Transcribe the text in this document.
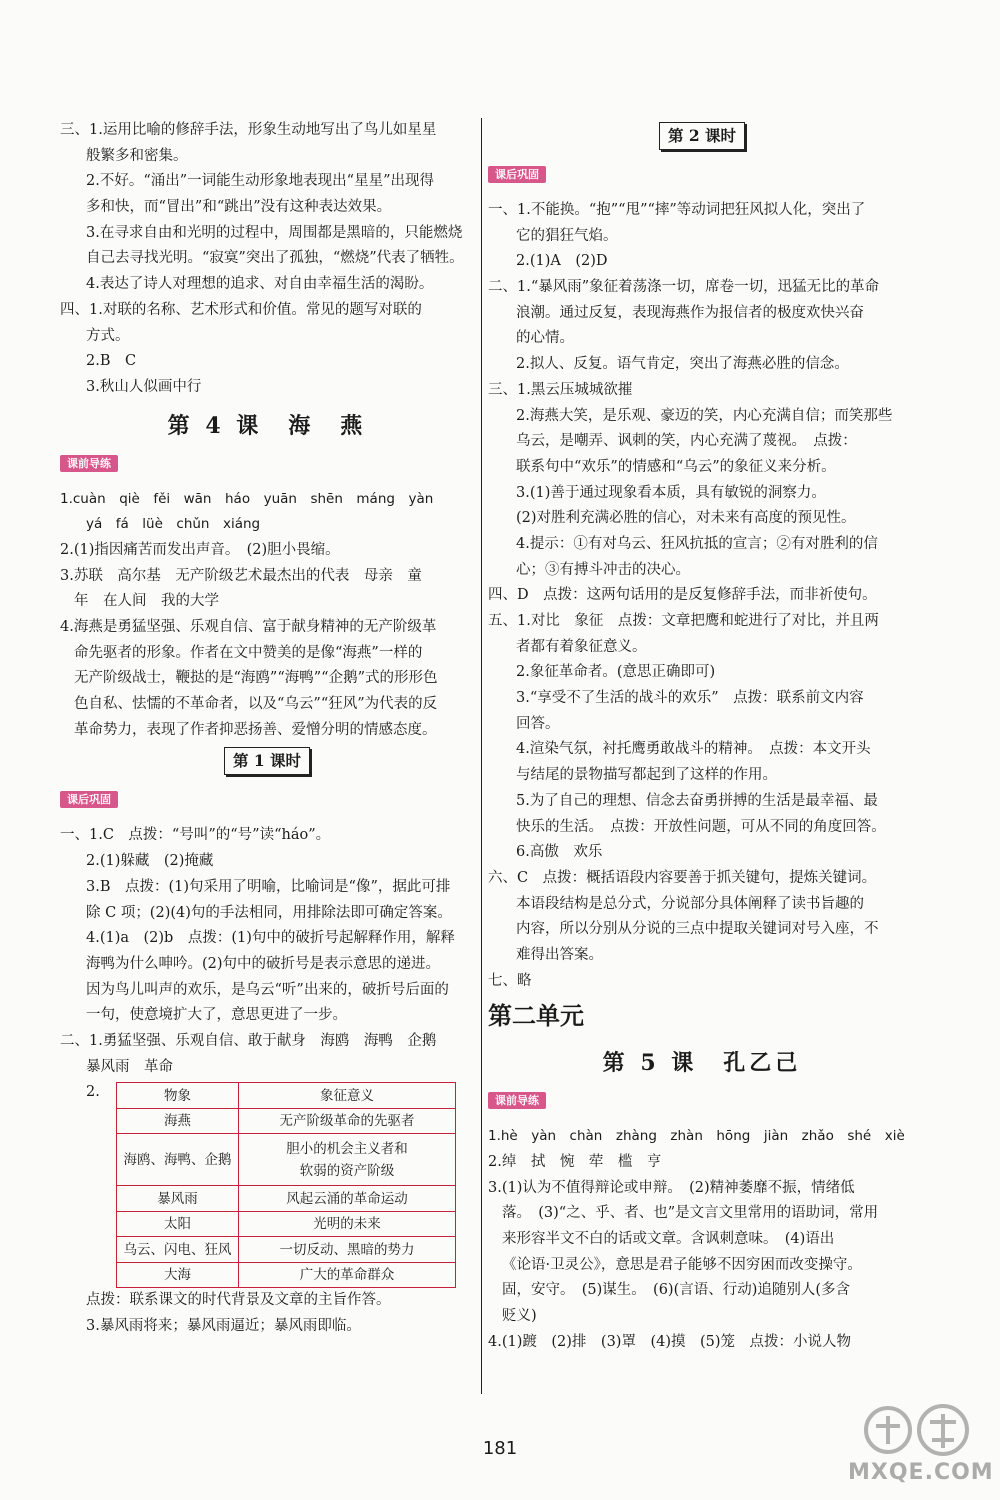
三、1.运用比喻的修辞手法，形象生动地写出了鸟儿如星星
般繁多和密集。
2.不好。“涌出”一词能生动形象地表现出“星星”出现得
多和快，而“冒出”和“跳出”没有这种表达效果。
3.在寻求自由和光明的过程中，周围都是黑暗的，只能燃烧
自己去寻找光明。“寂寞”突出了孤独，“燃烧”代表了牺牲。
4.表达了诗人对理想的追求、对自由幸福生活的渴盼。
四、1.对联的名称、艺术形式和价值。常见的题写对联的
方式。
2.B　C
3.秋山人似画中行
第 4 课　海　燕
课前导练
1.cuàn　qiè　fěi　wān　háo　yuān　shēn　máng　yàn
yá　fá　lüè　chǔn　xiáng
2.(1)指因痛苦而发出声音。　(2)胆小畏缩。
3.苏联　高尔基　无产阶级艺术最杰出的代表　母亲　童
年　在人间　我的大学
4.海燕是勇猛坚强、乐观自信、富于献身精神的无产阶级革
命先驱者的形象。作者在文中赞美的是像“海燕”一样的
无产阶级战士，鞭挞的是“海鸥”“海鸭”“企鹅”式的形形色
色自私、怯懦的不革命者，以及“乌云”“狂风”为代表的反
革命势力，表现了作者抑恶扬善、爱憎分明的情感态度。
第 1 课时
课后巩固
一、1.C　点拨：“号叫”的“号”读“háo”。
2.(1)躲藏　(2)掩藏
3.B　点拨：(1)句采用了明喻，比喻词是“像”，据此可排
除 C 项；(2)(4)句的手法相同，用排除法即可确定答案。
4.(1)a　(2)b　点拨：(1)句中的破折号起解释作用，解释
海鸭为什么呻吟。(2)句中的破折号是表示意思的递进。
因为鸟儿叫声的欢乐，是乌云“听”出来的，破折号后面的
一句，使意境扩大了，意思更进了一步。
二、1.勇猛坚强、乐观自信、敢于献身　海鸥　海鸭　企鹅
暴风雨　革命
2.	物象	象征意义
海燕	无产阶级革命的先驱者
海鸥、海鸭、企鹅	胆小的机会主义者和
软弱的资产阶级
暴风雨	风起云涌的革命运动
太阳	光明的未来
乌云、闪电、狂风	一切反动、黑暗的势力
大海	广大的革命群众
点拨：联系课文的时代背景及文章的主旨作答。
3.暴风雨将来；暴风雨逼近；暴风雨即临。
第 2 课时
课后巩固
一、1.不能换。“抱”“甩”“摔”等动词把狂风拟人化，突出了
它的猖狂气焰。
2.(1)A　(2)D
二、1.“暴风雨”象征着荡涤一切，席卷一切，迅猛无比的革命
浪潮。通过反复，表现海燕作为报信者的极度欢快兴奋
的心情。
2.拟人、反复。语气肯定，突出了海燕必胜的信念。
三、1.黑云压城城欲摧
2.海燕大笑，是乐观、豪迈的笑，内心充满自信；而笑那些
乌云，是嘲弄、讽刺的笑，内心充满了蔑视。　点拨：
联系句中“欢乐”的情感和“乌云”的象征义来分析。
3.(1)善于通过现象看本质，具有敏锐的洞察力。
(2)对胜利充满必胜的信心，对未来有高度的预见性。
4.提示：①有对乌云、狂风抗抵的宣言；②有对胜利的信
心；③有搏斗冲击的决心。
四、D　点拨：这两句话用的是反复修辞手法，而非祈使句。
五、1.对比　象征　点拨：文章把鹰和蛇进行了对比，并且两
者都有着象征意义。
2.象征革命者。(意思正确即可)
3.“享受不了生活的战斗的欢乐”　点拨：联系前文内容
回答。
4.渲染气氛，衬托鹰勇敢战斗的精神。　点拨：本文开头
与结尾的景物描写都起到了这样的作用。
5.为了自己的理想、信念去奋勇拼搏的生活是最幸福、最
快乐的生活。　点拨：开放性问题，可从不同的角度回答。
6.高傲　欢乐
六、C　点拨：概括语段内容要善于抓关键句，提炼关键词。
本语段结构是总分式，分说部分具体阐释了读书旨趣的
内容，所以分别从分说的三点中提取关键词对号入座，不
难得出答案。
七、略
第二单元
第 5 课　孔乙己
课前导练
1.hè　yàn　chàn　zhàng　zhàn　hōng　jiàn　zhǎo　shé　xiè
2.绰　拭　惋　荦　槛　亨
3.(1)认为不值得辩论或申辩。　(2)精神萎靡不振，情绪低
落。　(3)“之、乎、者、也”是文言文里常用的语助词，常用
来形容半文不白的话或文章。含讽刺意味。　(4)语出
《论语·卫灵公》，意思是君子能够不因穷困而改变操守。
固，安守。　(5)谋生。　(6)(言语、行动)追随别人(多含
贬义)
4.(1)踱　(2)排　(3)罩　(4)摸　(5)笼　点拨：小说人物
181
MXQE.COM
